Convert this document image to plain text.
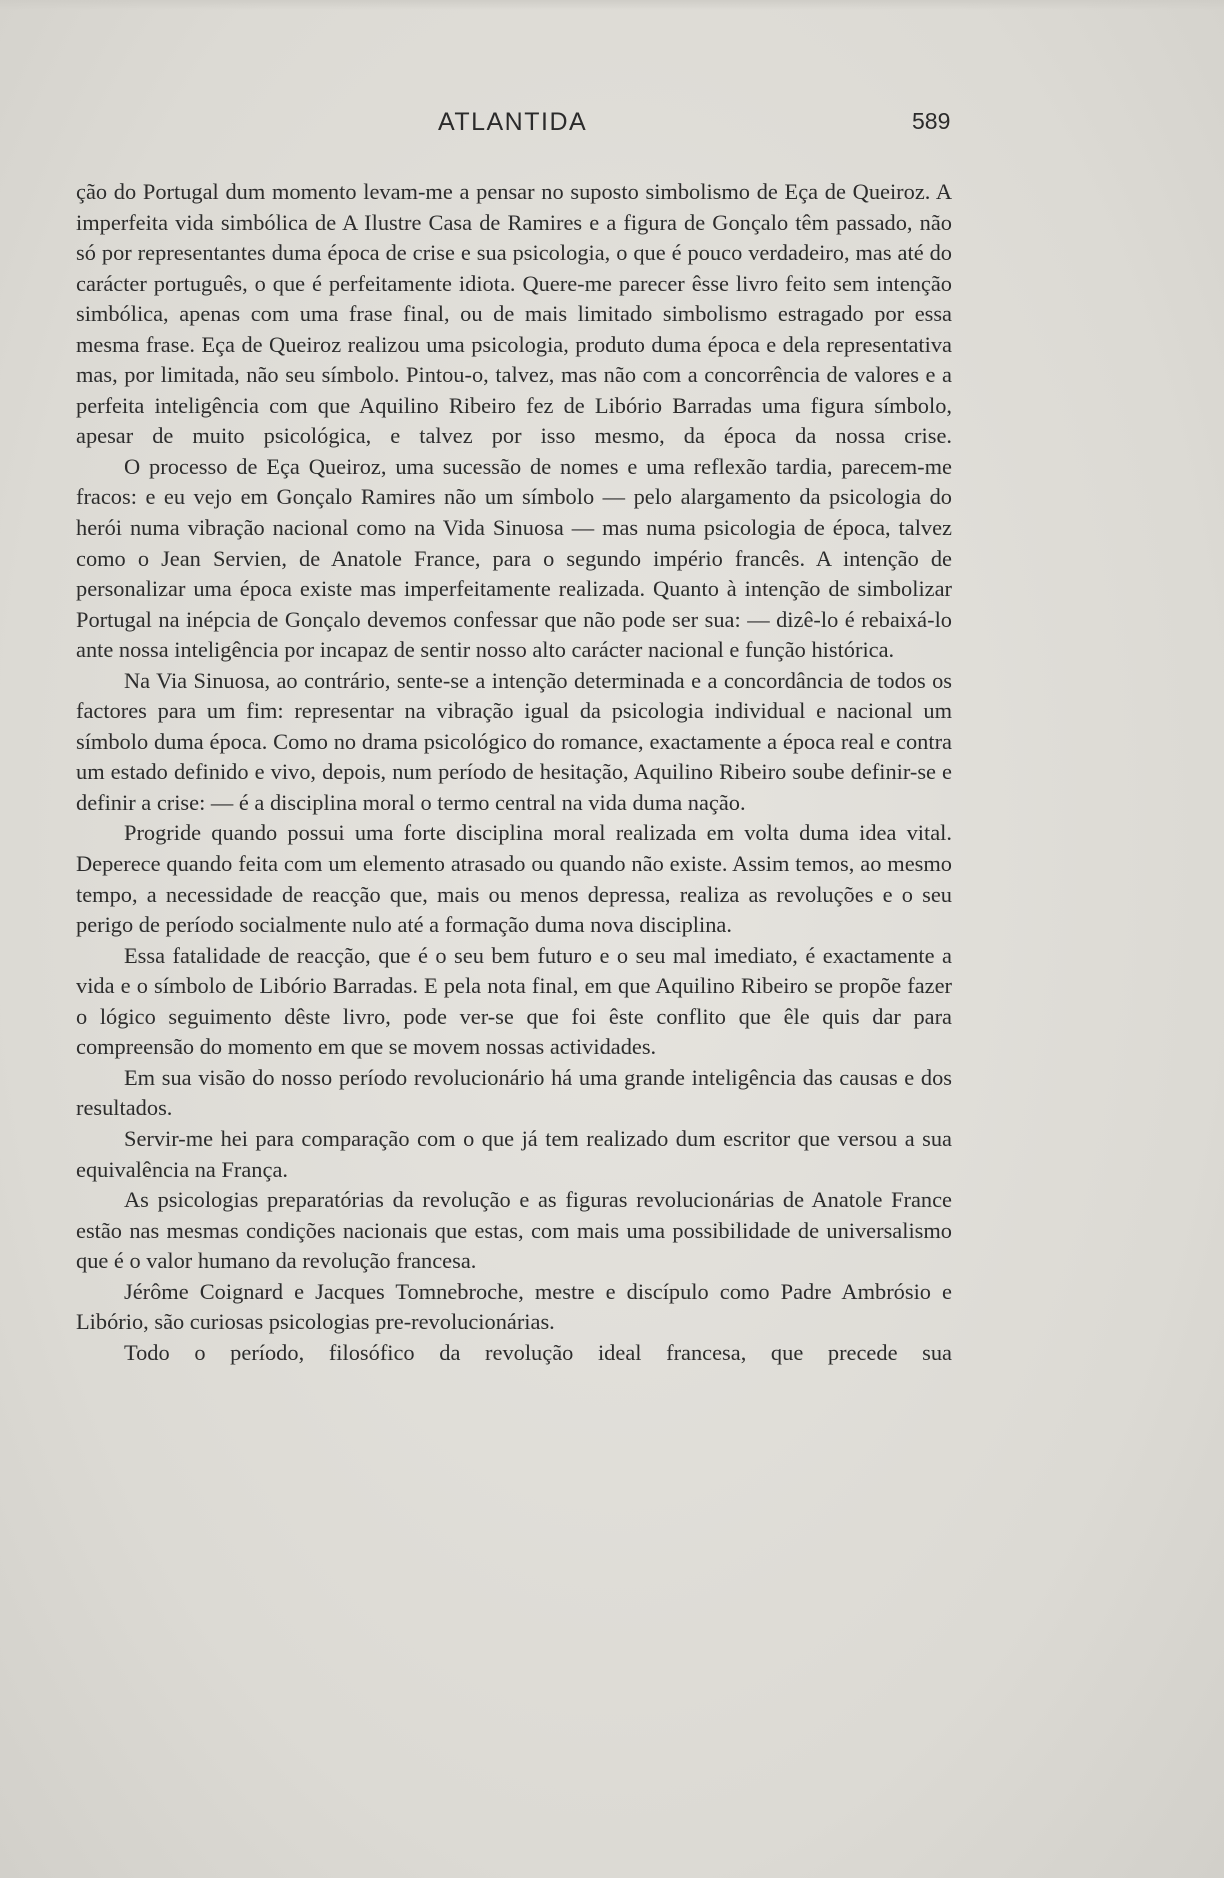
ATLANTIDA	589

ção do Portugal dum momento levam-me a pensar no suposto simbolismo de Eça de Queiroz. A imperfeita vida simbólica de A Ilustre Casa de Ramires e a figura de Gonçalo têm passado, não só por representantes duma época de crise e sua psicologia, o que é pouco verdadeiro, mas até do carácter português, o que é perfeitamente idiota. Quere-me parecer êsse livro feito sem intenção simbólica, apenas com uma frase final, ou de mais limitado simbolismo estragado por essa mesma frase. Eça de Queiroz realizou uma psicologia, produto duma época e dela representativa mas, por limitada, não seu símbolo. Pintou-o, talvez, mas não com a concorrência de valores e a perfeita inteligência com que Aquilino Ribeiro fez de Libório Barradas uma figura símbolo, apesar de muito psicológica, e talvez por isso mesmo, da época da nossa crise.

O processo de Eça Queiroz, uma sucessão de nomes e uma reflexão tardia, parecem-me fracos: e eu vejo em Gonçalo Ramires não um símbolo — pelo alargamento da psicologia do herói numa vibração nacional como na Vida Sinuosa — mas numa psicologia de época, talvez como o Jean Servien, de Anatole France, para o segundo império francês. A intenção de personalizar uma época existe mas imperfeitamente realizada. Quanto à intenção de simbolizar Portugal na inépcia de Gonçalo devemos confessar que não pode ser sua: — dizê-lo é rebaixá-lo ante nossa inteligência por incapaz de sentir nosso alto carácter nacional e função histórica.

Na Via Sinuosa, ao contrário, sente-se a intenção determinada e a concordância de todos os factores para um fim: representar na vibração igual da psicologia individual e nacional um símbolo duma época. Como no drama psicológico do romance, exactamente a época real e contra um estado definido e vivo, depois, num período de hesitação, Aquilino Ribeiro soube definir-se e definir a crise: — é a disciplina moral o termo central na vida duma nação.

Progride quando possui uma forte disciplina moral realizada em volta duma idea vital. Deperece quando feita com um elemento atrasado ou quando não existe. Assim temos, ao mesmo tempo, a necessidade de reacção que, mais ou menos depressa, realiza as revoluções e o seu perigo de período socialmente nulo até a formação duma nova disciplina.

Essa fatalidade de reacção, que é o seu bem futuro e o seu mal imediato, é exactamente a vida e o símbolo de Libório Barradas. E pela nota final, em que Aquilino Ribeiro se propõe fazer o lógico seguimento dêste livro, pode ver-se que foi êste conflito que êle quis dar para compreensão do momento em que se movem nossas actividades.

Em sua visão do nosso período revolucionário há uma grande inteligência das causas e dos resultados.

Servir-me hei para comparação com o que já tem realizado dum escritor que versou a sua equivalência na França.

As psicologias preparatórias da revolução e as figuras revolucionárias de Anatole France estão nas mesmas condições nacionais que estas, com mais uma possibilidade de universalismo que é o valor humano da revolução francesa.

Jérôme Coignard e Jacques Tomnebroche, mestre e discípulo como Padre Ambrósio e Libório, são curiosas psicologias pre-revolucionárias.

Todo o período, filosófico da revolução ideal francesa, que precede sua
